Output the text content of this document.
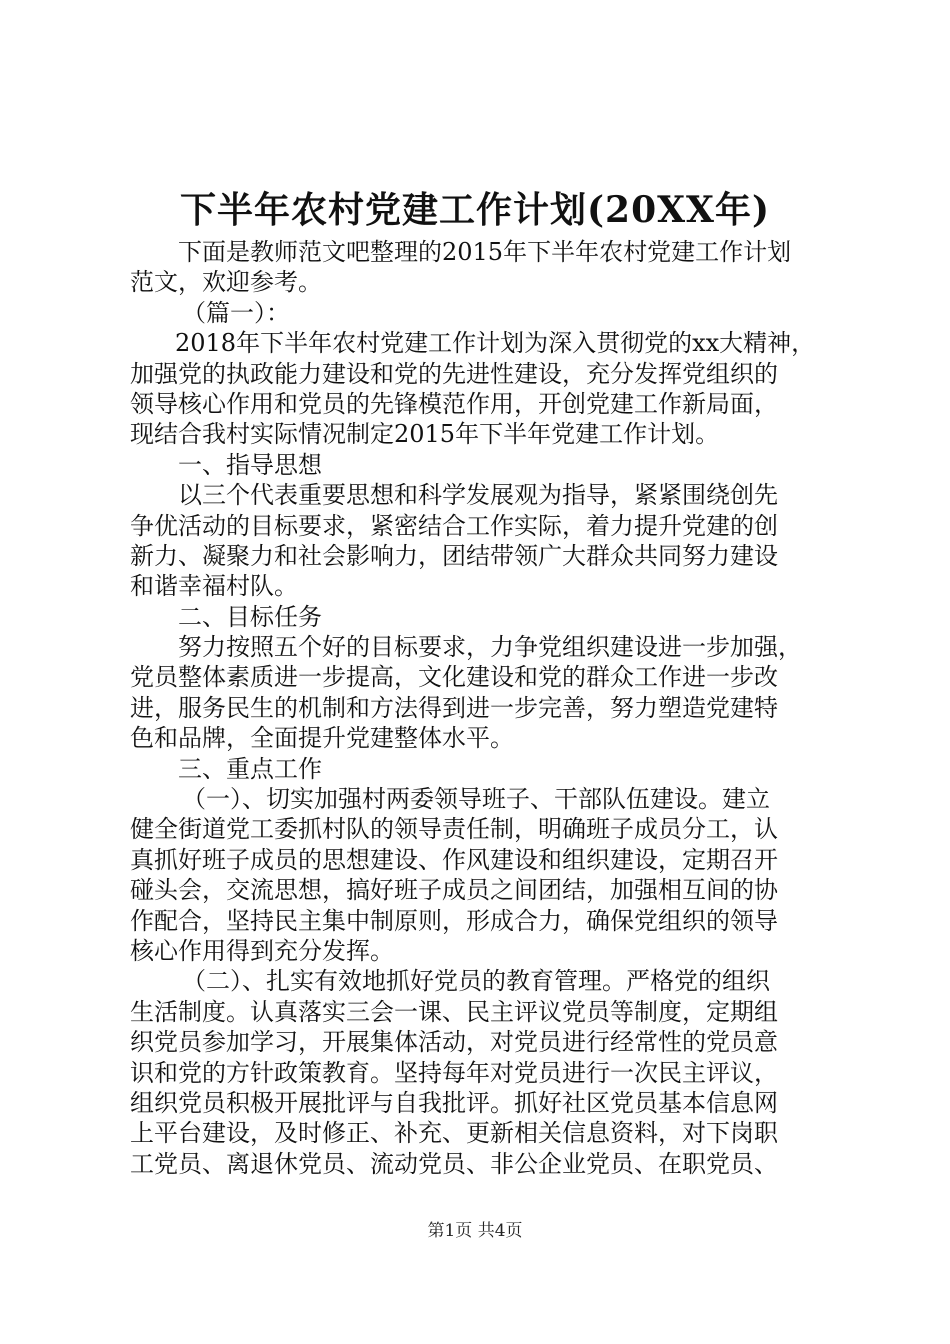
下半年农村党建工作计划(20XX年)
下面是教师范文吧整理的2015年下半年农村党建工作计划
范文，欢迎参考。
（篇一）：
2018年下半年农村党建工作计划为深入贯彻党的xx大精神，
加强党的执政能力建设和党的先进性建设，充分发挥党组织的
领导核心作用和党员的先锋模范作用，开创党建工作新局面，
现结合我村实际情况制定2015年下半年党建工作计划。
一、指导思想
以三个代表重要思想和科学发展观为指导，紧紧围绕创先
争优活动的目标要求，紧密结合工作实际，着力提升党建的创
新力、凝聚力和社会影响力，团结带领广大群众共同努力建设
和谐幸福村队。
二、目标任务
努力按照五个好的目标要求，力争党组织建设进一步加强，
党员整体素质进一步提高，文化建设和党的群众工作进一步改
进，服务民生的机制和方法得到进一步完善，努力塑造党建特
色和品牌，全面提升党建整体水平。
三、重点工作
（一）、切实加强村两委领导班子、干部队伍建设。建立
健全街道党工委抓村队的领导责任制，明确班子成员分工，认
真抓好班子成员的思想建设、作风建设和组织建设，定期召开
碰头会，交流思想，搞好班子成员之间团结，加强相互间的协
作配合，坚持民主集中制原则，形成合力，确保党组织的领导
核心作用得到充分发挥。
（二）、扎实有效地抓好党员的教育管理。严格党的组织
生活制度。认真落实三会一课、民主评议党员等制度，定期组
织党员参加学习，开展集体活动，对党员进行经常性的党员意
识和党的方针政策教育。坚持每年对党员进行一次民主评议，
组织党员积极开展批评与自我批评。抓好社区党员基本信息网
上平台建设，及时修正、补充、更新相关信息资料，对下岗职
工党员、离退休党员、流动党员、非公企业党员、在职党员、
第1页 共4页
